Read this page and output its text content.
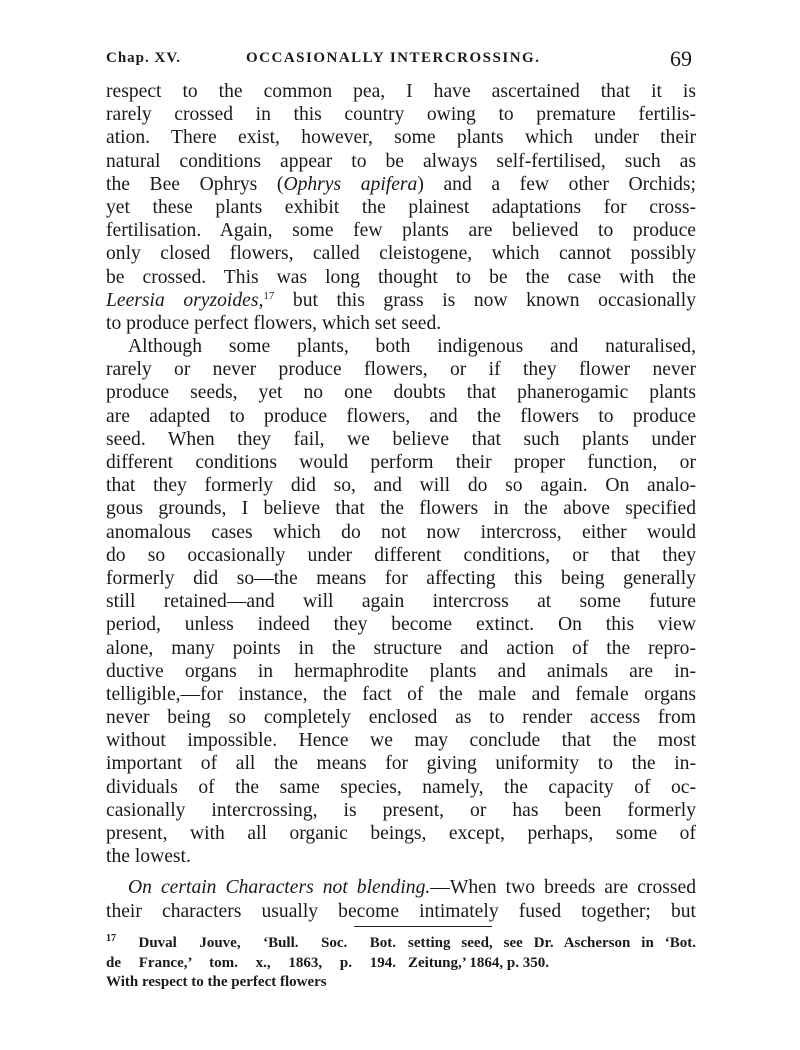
Chap. XV.	OCCASIONALLY INTERCROSSING.	69
respect to the common pea, I have ascertained that it is
rarely crossed in this country owing to premature fertilis-
ation. There exist, however, some plants which under their
natural conditions appear to be always self-fertilised, such as
the Bee Ophrys (Ophrys apifera) and a few other Orchids;
yet these plants exhibit the plainest adaptations for cross-
fertilisation. Again, some few plants are believed to produce
only closed flowers, called cleistogene, which cannot possibly
be crossed. This was long thought to be the case with the
Leersia oryzoides,$^{17}$ but this grass is now known occasionally
to produce perfect flowers, which set seed.
Although some plants, both indigenous and naturalised,
rarely or never produce flowers, or if they flower never
produce seeds, yet no one doubts that phanerogamic plants
are adapted to produce flowers, and the flowers to produce
seed. When they fail, we believe that such plants under
different conditions would perform their proper function, or
that they formerly did so, and will do so again. On analo-
gous grounds, I believe that the flowers in the above specified
anomalous cases which do not now intercross, either would
do so occasionally under different conditions, or that they
formerly did so—the means for affecting this being generally
still retained—and will again intercross at some future
period, unless indeed they become extinct. On this view
alone, many points in the structure and action of the repro-
ductive organs in hermaphrodite plants and animals are in-
telligible,—for instance, the fact of the male and female organs
never being so completely enclosed as to render access from
without impossible. Hence we may conclude that the most
important of all the means for giving uniformity to the in-
dividuals of the same species, namely, the capacity of oc-
casionally intercrossing, is present, or has been formerly
present, with all organic beings, except, perhaps, some of
the lowest.
On certain Characters not blending.—When two breeds are crossed
their characters usually become intimately fused together; but
$^{17}$ Duval Jouve, ‘Bull. Soc. Bot.
de France,’ tom. x., 1863, p. 194.
With respect to the perfect flowers
setting seed, see Dr. Ascherson in ‘Bot.
Zeitung,’ 1864, p. 350.
